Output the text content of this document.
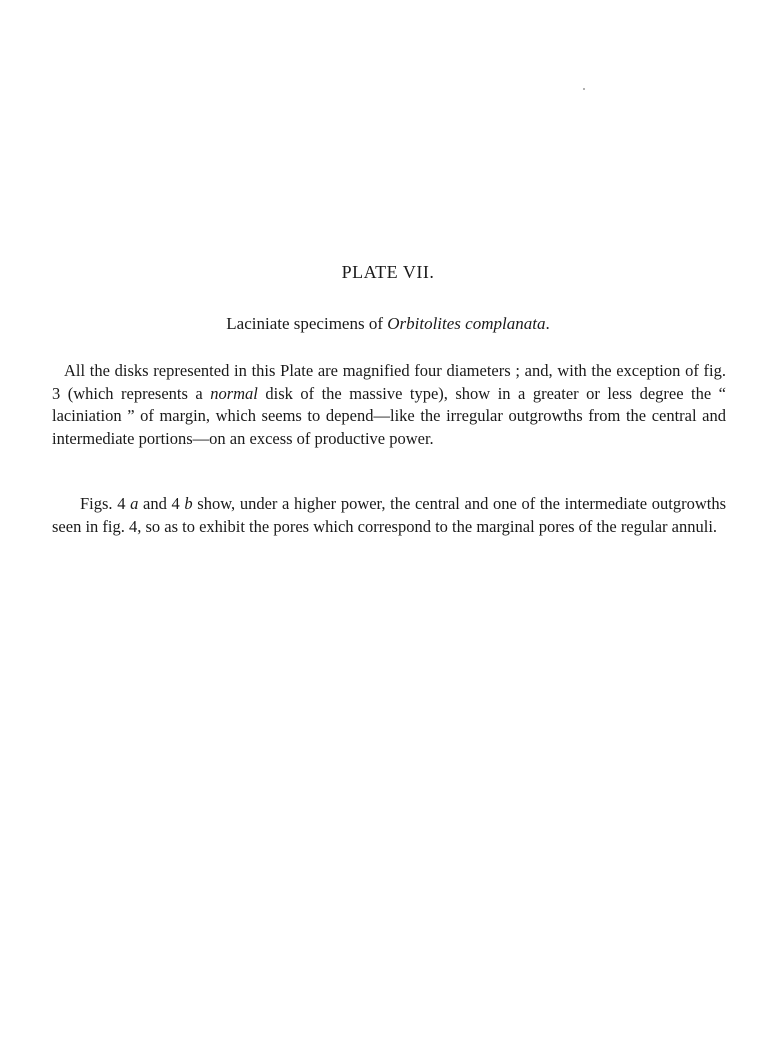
PLATE VII.
Laciniate specimens of Orbitolites complanata.

All the disks represented in this Plate are magnified four diameters ; and, with the exception of fig. 3 (which represents a normal disk of the massive type), show in a greater or less degree the “ laciniation ” of margin, which seems to depend—like the irregular outgrowths from the central and intermediate portions—on an excess of productive power.

Figs. 4 a and 4 b show, under a higher power, the central and one of the intermediate outgrowths seen in fig. 4, so as to exhibit the pores which correspond to the marginal pores of the regular annuli.
